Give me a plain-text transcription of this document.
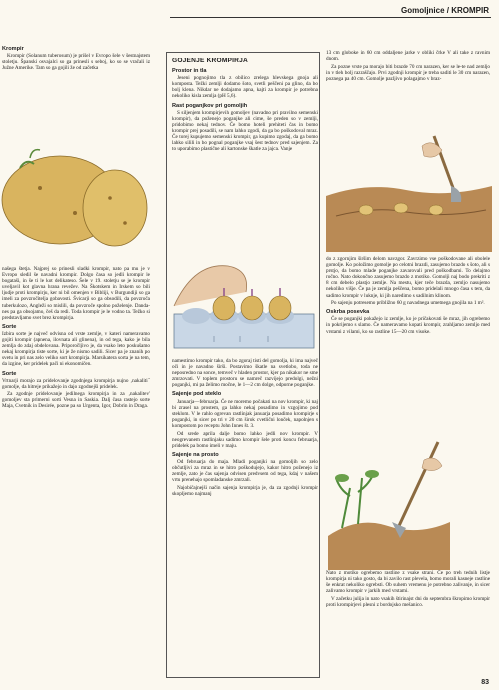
Gomoljnice / KROMPIR
Krompir

Krompir (Solanum tuberosum) je prišel v Evropo šele v šestnajstem stoletju. Španski osvajalci so ga prinesli s seboj, ko so se vračali iz Južne Amerike. Tam so ga gojili že od začetka

našega štetja. Najprej so prinesli sladki krompir, nato pa mu je v Evropo sledil še navadni krompir. Dolgo časa so jedli krompir le bogataši, in še ti le kot delikateso. Šele v 19. stoletju se je krompir uveljavil kot glavna hrana revežev. Na Škotskem in Irskem so bili ljudje proti krompirju, ker ni bil omenjen v Bibliji, v Burgundiji so ga imeli za povzročitelja gobavosti. Švicarji so ga obsodili, da povzroča tuberkulozo, Angleži so mislili, da povzroče spolno poželenje. Dandanes pa ga obsojamo, češ da redi. Toda krompir je le vodno ta. Težko si predstavljamo svet brez krompirja.

Sorte

Izbira sorte je največ odvisna od vrste zemlje, v kateri nameravamo gojiti krompir (apnena, ilovnata ali glinena), in od tega, kako je bila zemlja do zdaj obdelovana. Priporočljivo je, da vsako leto poskušamo nekaj krompirja tiste sorte, ki je že nismo sadili. Sicer pa je znanih po svetu in pri nas zelo veliko sort krompirja. Marsikatera sorta je na tem, da izgine, ker pridelek pači ni ekonomičen.

Sorte

Vrtnarji morajo za pridelovanje zgodnjega krompirja nujno ‚nakalitiˇ gomolje, da hitreje prikažejo in dajo zgodnejši pridelek.

Za zgodnje pridelovanje jedilnega krompirja in za ‚nakalitev' gomoljev sta primerni sorti Vesna in Saskia. Dalj časa rastejo sorte Maja, Cvetnik in Desirée, pozne pa so Urgenta, Igor, Dobrin in Draga.

GOJENJE KROMPIRJA
Prostor in tla

Jeseni pognojimo tla z obilico zrelega hlevskega gnoja ali komposta. Težki zemlji dodamo šoto, svetli peščeni pa glino, da bo bolj klena. Nikdar ne dodajamo apna, kajti za krompir je potrebna nekoliko kisla zemlja (pH 5,6).

Rast poganjkov pri gomoljih

S siljenjem krompirjevih gomoljev (navadno pri pravilno semenski krompir), da poženejo poganjke ali cime, še preden so v zemlji, pridobimo nekaj tednov. Če bomo hoteli prehiteti čas in bomo krompir prej posadili, se nam lahko zgodi, da ga bo poškodoval mraz. Če torej kupujemo semenski krompir, ga kupimo zgodaj, da ga bomo lahko silili in bo pognal poganjke vsaj šest tednov pred sajenjem. Za to uporabimo plastične ali kartonske škatle za jajca. Vanje

namestimo krompir tako, da bo zgoraj tisti del gomolja, ki ima največ oči in je navadno širši. Postavimo škatle na svetlobo, toda ne neposredno na sonce, temveč v hladen prostor, kjer pa nikakor ne sme zmrzovati. V toplem prostoru se namreč razvijejo predolgi, nežni poganjki, mi pa želimo močne, le 1—2 cm dolge, odporne poganjke.

Sajenje pod steklo

Januarja—februarja. Če ne moremo počakati na nov krompir, ki naj bi zrasel na prostem, ga lahko nekaj posadimo in vzgojimo pod steklom. V le rahlo ogrevan rastlinjak januarja posadimo krompirje s poganjki, in sicer po tri v 20 cm širok cvetlični lonček, napolnjen s kompostom po receptu John Innes št. 3.

Od srede aprila dalje bomo lahko jedli nov krompir. V neogrevanem rastlinjaku sadimo krompir šele proti koncu februarja, pridelek pa bomo imeli v maju.

Sajenje na prosto

Od februarja do maja. Mladi poganjki na gomoljih so zelo občutljivi za mraz in se hitro poškodujejo, kakor hitro poženejo iz zemlje, zato je čas sajenja odvisen predvsem od tega, kdaj v našem vrtu prenehajo spomladanske zmrzali.

Najobičajnejši način sajenja krompirja je, da za zgodnji krompir skopljemo najmanj

13 cm globoke in 60 cm oddaljene jarke v obliki črke V ali take z ravnim dnom.

Za pozne vrste pa morajo biti brazde 70 cm narazen, ker se le-te nad zemljo in v tleh bolj razraščajo. Prvi zgodnji krompir je treba saditi le 30 cm narazen, poznega pa 40 cm. Gomolje pazljivo polagajmo v braz-

do z zgornjim širšim delom navzgor. Zavrzimo vse poškodovane ali obolele gomolje. Ko položimo gomolje po celotni brazdi, zasujemo brazdo s šoto, ali s prstjo, da bomo mlade poganjke zavarovali pred poškodbami. To delajmo ročno. Nato dokončno zasujemo brazdo z motiko. Gomolji naj bodo prekriti z 8 cm debelo plastjo zemlje. Na mestu, kjer teče brazda, zemljo nasujemo nekoliko višje. Če pa je zemlja peščena, bomo pridelali mnogo časa s tem, da sadimo krompir v luknje, ki jih naredimo s sadilnim klinom.

Po sajenju potresemo približno 60 g navadnega umetnega gnojila na 1 m².

Oskrba posevka

Če se poganjki pokažejo iz zemlje, ko je pričakovati še mraz, jih ogrebemo in pokrijemo s slamo. Če nameravamo kopati krompir, zrahljamo zemljo med vrstami z vilami, ko so rastline 15—20 cm visoke.

Nato z motiko ogrebemo rastline z vsake strani. Če po treh tednih listje krompirja ni tako gosto, da bi zavilo rast plevela, bomo morali kasneje rastline še enkrat nekoliko ogrebsti. Ob suhem vremenu je potrebno zalivanje, in sicer zalivamo krompir v jarkih med vrstami.

V začetku julija in nato vsakih štirinajst dni do septembra škropimo krompir proti krompirjevi plesni z bordojsko mešanico.

83
